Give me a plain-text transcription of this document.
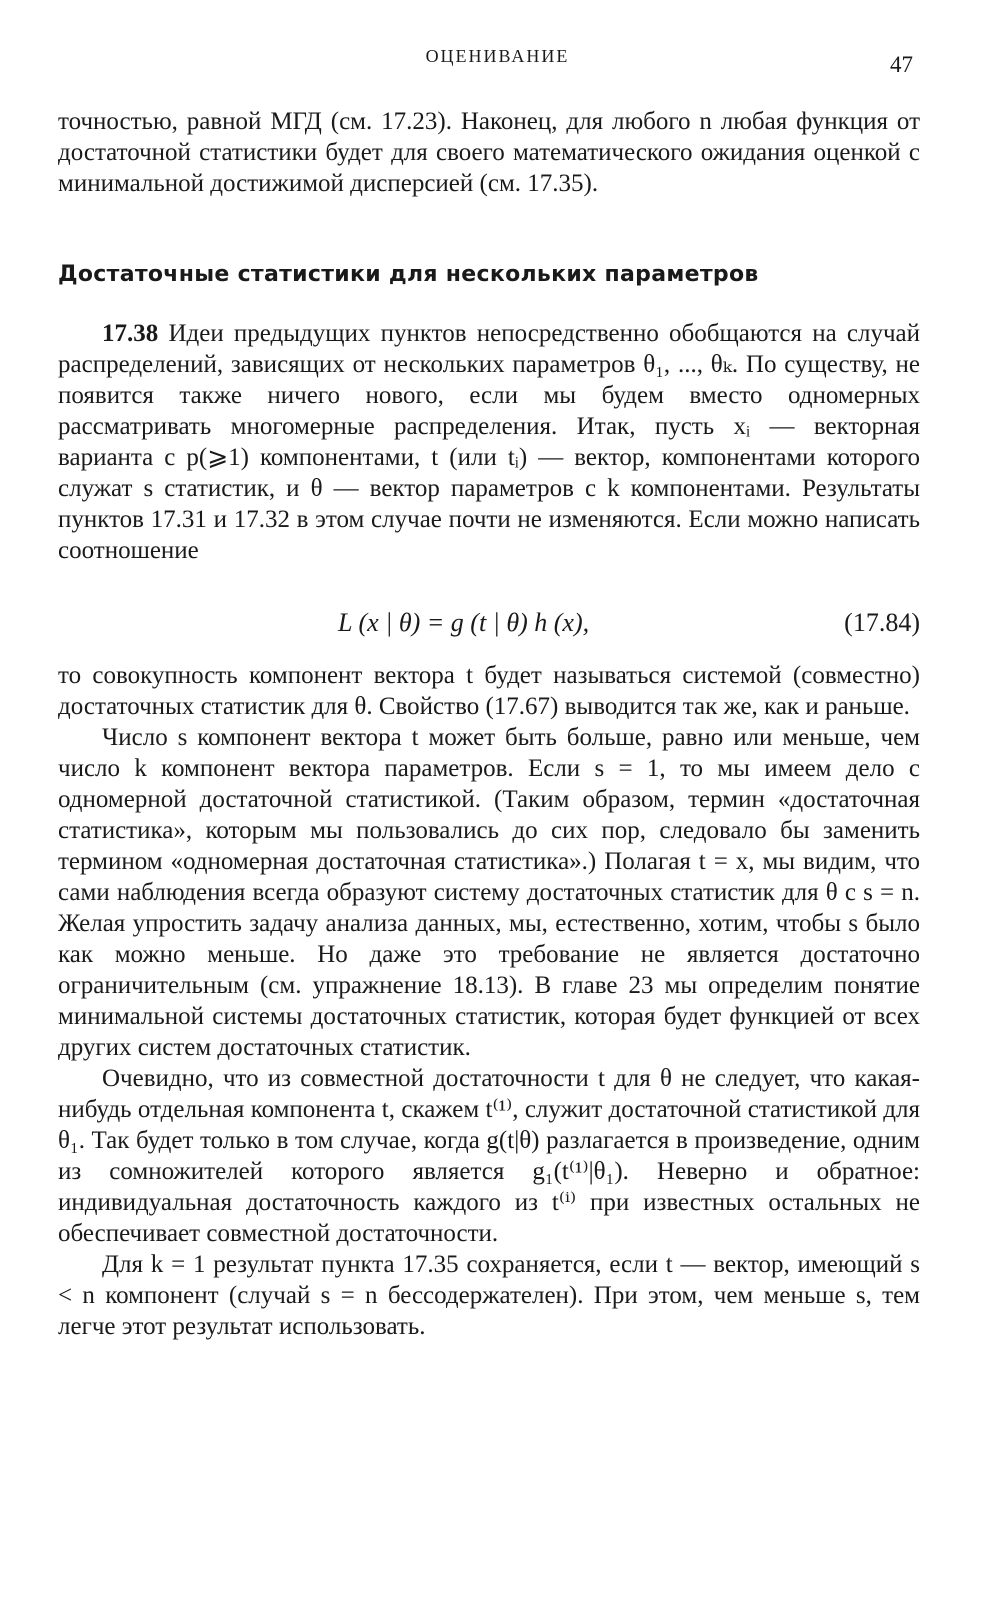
ОЦЕНИВАНИЕ	47

точностью, равной МГД (см. 17.23). Наконец, для любого n любая функция от достаточной статистики будет для своего математического ожидания оценкой с минимальной достижимой дисперсией (см. 17.35).

Достаточные статистики для нескольких параметров

17.38 Идеи предыдущих пунктов непосредственно обобщаются на случай распределений, зависящих от нескольких параметров θ₁, ..., θₖ. По существу, не появится также ничего нового, если мы будем вместо одномерных рассматривать многомерные распределения. Итак, пусть xᵢ — векторная варианта с p(⩾1) компонентами, t (или tᵢ) — вектор, компонентами которого служат s статистик, и θ — вектор параметров с k компонентами. Результаты пунктов 17.31 и 17.32 в этом случае почти не изменяются. Если можно написать соотношение

L (x | θ) = g (t | θ) h (x),	(17.84)

то совокупность компонент вектора t будет называться системой (совместно) достаточных статистик для θ. Свойство (17.67) выводится так же, как и раньше.

Число s компонент вектора t может быть больше, равно или меньше, чем число k компонент вектора параметров. Если s = 1, то мы имеем дело с одномерной достаточной статистикой. (Таким образом, термин «достаточная статистика», которым мы пользовались до сих пор, следовало бы заменить термином «одномерная достаточная статистика».) Полагая t = x, мы видим, что сами наблюдения всегда образуют систему достаточных статистик для θ с s = n. Желая упростить задачу анализа данных, мы, естественно, хотим, чтобы s было как можно меньше. Но даже это требование не является достаточно ограничительным (см. упражнение 18.13). В главе 23 мы определим понятие минимальной системы достаточных статистик, которая будет функцией от всех других систем достаточных статистик.

Очевидно, что из совместной достаточности t для θ не следует, что какая-нибудь отдельная компонента t, скажем t⁽¹⁾, служит достаточной статистикой для θ₁. Так будет только в том случае, когда g(t|θ) разлагается в произведение, одним из сомножителей которого является g₁(t⁽¹⁾|θ₁). Неверно и обратное: индивидуальная достаточность каждого из t⁽ⁱ⁾ при известных остальных не обеспечивает совместной достаточности.

Для k = 1 результат пункта 17.35 сохраняется, если t — вектор, имеющий s < n компонент (случай s = n бессодержателен). При этом, чем меньше s, тем легче этот результат использовать.
